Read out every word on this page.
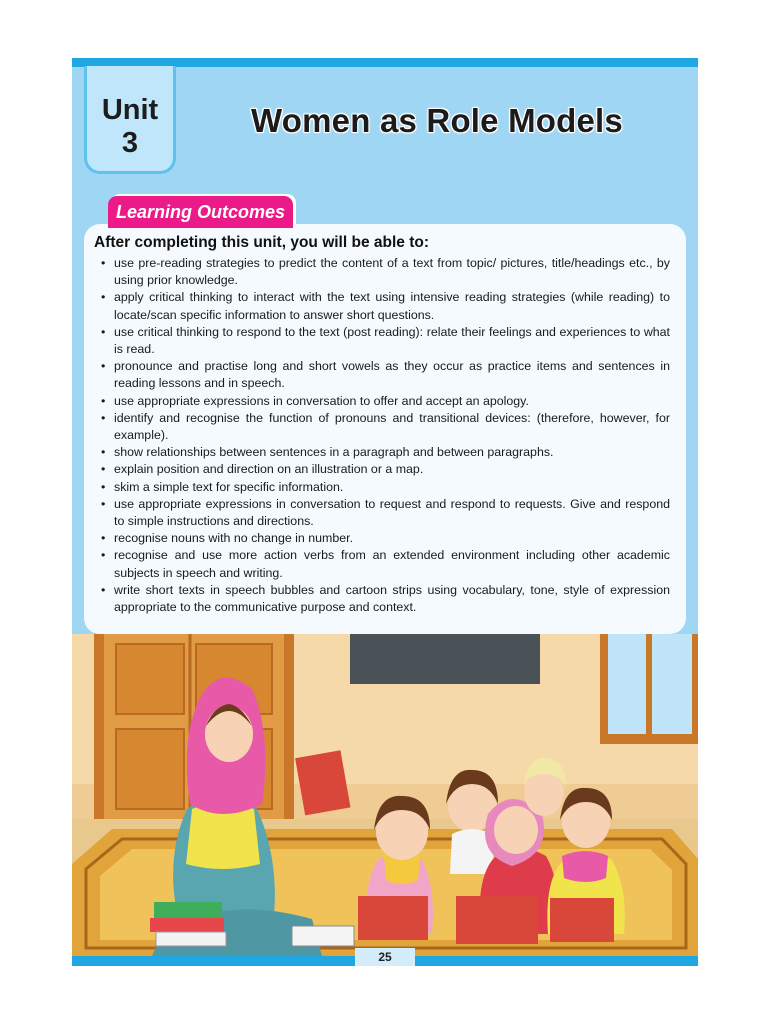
Unit
3
Women as Role Models
Learning Outcomes

After completing this unit, you will be able to:

• use pre-reading strategies to predict the content of a text from topic/ pictures, title/headings etc., by using prior knowledge.
• apply critical thinking to interact with the text using intensive reading strategies (while reading) to locate/scan specific information to answer short questions.
• use critical thinking to respond to the text (post reading): relate their feelings and experiences to what is read.
• pronounce and practise long and short vowels as they occur as practice items and sentences in reading lessons and in speech.
• use appropriate expressions in conversation to offer and accept an apology.
• identify and recognise the function of pronouns and transitional devices: (therefore, however, for example).
• show relationships between sentences in a paragraph and between paragraphs.
• explain position and direction on an illustration or a map.
• skim a simple text for specific information.
• use appropriate expressions in conversation to request and respond to requests. Give and respond to simple instructions and directions.
• recognise nouns with no change in number.
• recognise and use more action verbs from an extended environment including other academic subjects in speech and writing.
• write short texts in speech bubbles and cartoon strips using vocabulary, tone, style of expression appropriate to the communicative purpose and context.
25
